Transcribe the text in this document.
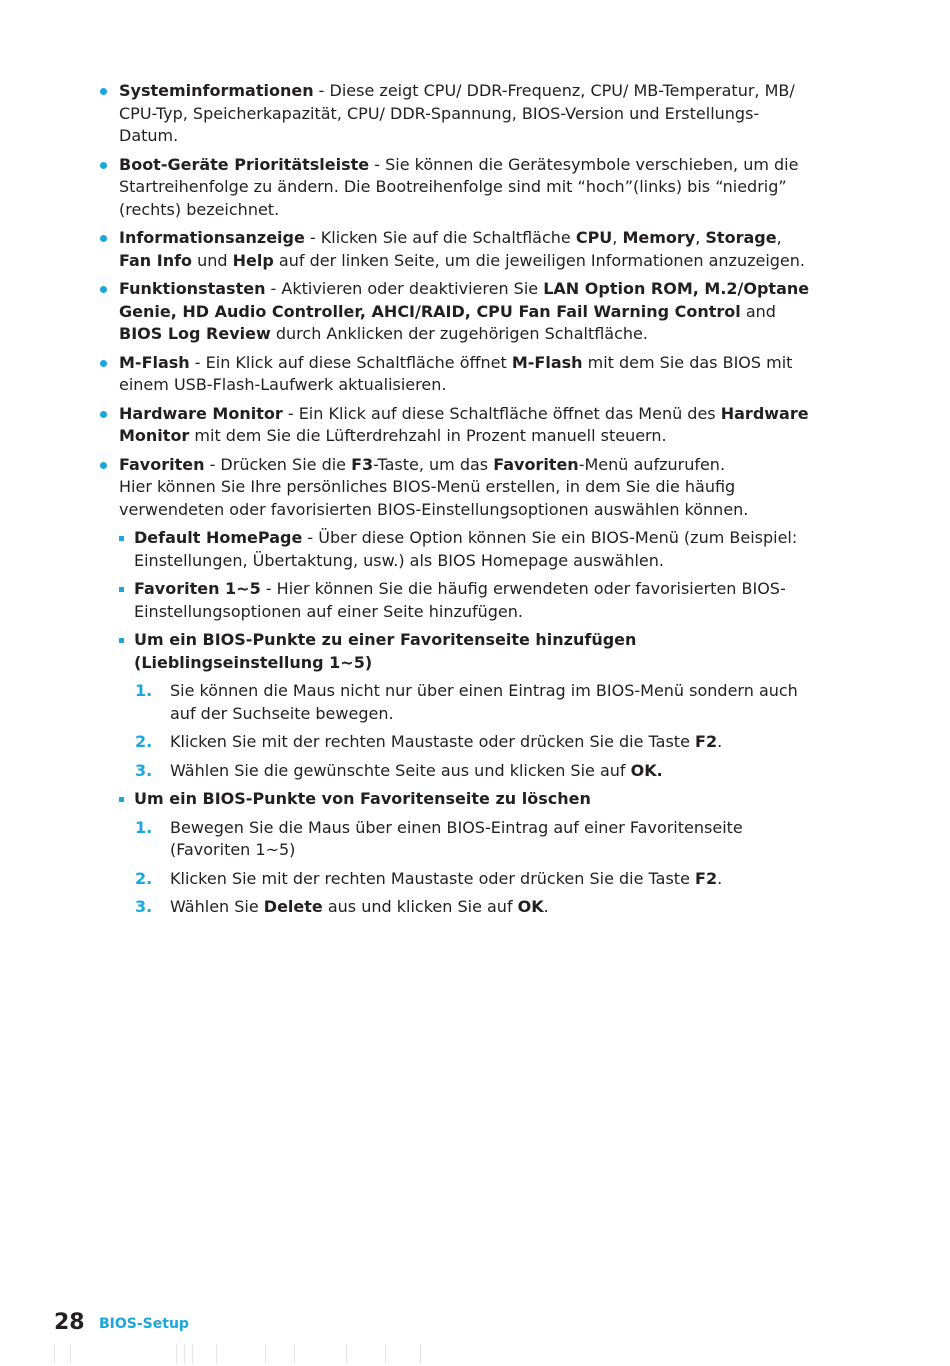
Systeminformationen - Diese zeigt CPU/ DDR-Frequenz, CPU/ MB-Temperatur, MB/ CPU-Typ, Speicherkapazität, CPU/ DDR-Spannung, BIOS-Version und Erstellungs-Datum.
Boot-Geräte Prioritätsleiste - Sie können die Gerätesymbole verschieben, um die Startreihenfolge zu ändern. Die Bootreihenfolge sind mit “hoch”(links) bis “niedrig” (rechts) bezeichnet.
Informationsanzeige - Klicken Sie auf die Schaltfläche CPU, Memory, Storage, Fan Info und Help auf der linken Seite, um die jeweiligen Informationen anzuzeigen.
Funktionstasten - Aktivieren oder deaktivieren Sie LAN Option ROM, M.2/Optane Genie, HD Audio Controller, AHCI/RAID, CPU Fan Fail Warning Control and BIOS Log Review durch Anklicken der zugehörigen Schaltfläche.
M-Flash - Ein Klick auf diese Schaltfläche öffnet M-Flash mit dem Sie das BIOS mit einem USB-Flash-Laufwerk aktualisieren.
Hardware Monitor - Ein Klick auf diese Schaltfläche öffnet das Menü des Hardware Monitor mit dem Sie die Lüfterdrehzahl in Prozent manuell steuern.
Favoriten - Drücken Sie die F3-Taste, um das Favoriten-Menü aufzurufen.
Hier können Sie Ihre persönliches BIOS-Menü erstellen, in dem Sie die häufig verwendeten oder favorisierten BIOS-Einstellungsoptionen auswählen können.
Default HomePage - Über diese Option können Sie ein BIOS-Menü (zum Beispiel: Einstellungen, Übertaktung, usw.) als BIOS Homepage auswählen.
Favoriten 1~5 - Hier können Sie die häufig erwendeten oder favorisierten BIOS-Einstellungsoptionen auf einer Seite hinzufügen.
Um ein BIOS-Punkte zu einer Favoritenseite hinzufügen (Lieblingseinstellung 1~5)
1. Sie können die Maus nicht nur über einen Eintrag im BIOS-Menü sondern auch auf der Suchseite bewegen.
2. Klicken Sie mit der rechten Maustaste oder drücken Sie die Taste F2.
3. Wählen Sie die gewünschte Seite aus und klicken Sie auf OK.
Um ein BIOS-Punkte von Favoritenseite zu löschen
1. Bewegen Sie die Maus über einen BIOS-Eintrag auf einer Favoritenseite (Favoriten 1~5)
2. Klicken Sie mit der rechten Maustaste oder drücken Sie die Taste F2.
3. Wählen Sie Delete aus und klicken Sie auf OK.
28 BIOS-Setup
